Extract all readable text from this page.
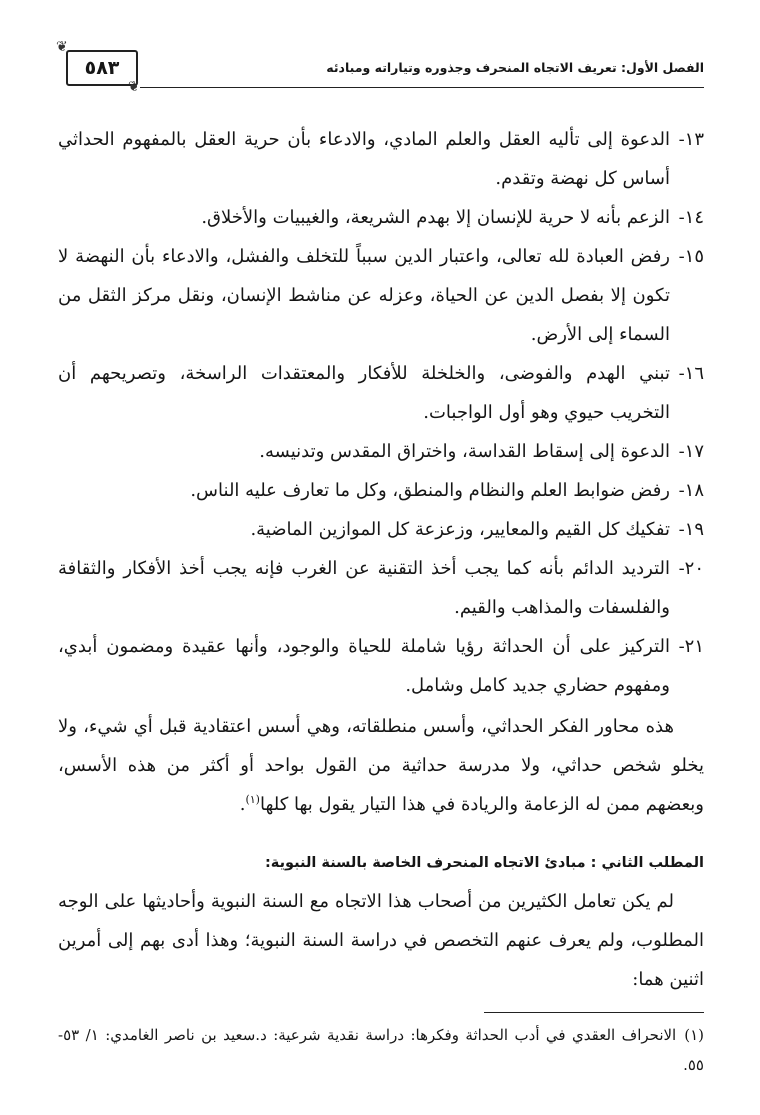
❦
٥٨٣
❦
الفصل الأول: تعريف الاتجاه المنحرف وجذوره وتياراته ومبادئه
١٣-
الدعوة إلى تأليه العقل والعلم المادي، والادعاء بأن حرية العقل بالمفهوم الحداثي أساس كل نهضة وتقدم.
١٤-
الزعم بأنه لا حرية للإنسان إلا بهدم الشريعة، والغيبيات والأخلاق.
١٥-
رفض العبادة لله تعالى، واعتبار الدين سبباً للتخلف والفشل، والادعاء بأن النهضة لا تكون إلا بفصل الدين عن الحياة، وعزله عن مناشط الإنسان، ونقل مركز الثقل من السماء إلى الأرض.
١٦-
تبني الهدم والفوضى، والخلخلة للأفكار والمعتقدات الراسخة، وتصريحهم أن التخريب حيوي وهو أول الواجبات.
١٧-
الدعوة إلى إسقاط القداسة، واختراق المقدس وتدنيسه.
١٨-
رفض ضوابط العلم والنظام والمنطق، وكل ما تعارف عليه الناس.
١٩-
تفكيك كل القيم والمعايير، وزعزعة كل الموازين الماضية.
٢٠-
الترديد الدائم بأنه كما يجب أخذ التقنية عن الغرب فإنه يجب أخذ الأفكار والثقافة والفلسفات والمذاهب والقيم.
٢١-
التركيز على أن الحداثة رؤيا شاملة للحياة والوجود، وأنها عقيدة ومضمون أبدي، ومفهوم حضاري جديد كامل وشامل.

هذه محاور الفكر الحداثي، وأسس منطلقاته، وهي أسس اعتقادية قبل أي شيء، ولا يخلو شخص حداثي، ولا مدرسة حداثية من القول بواحد أو أكثر من هذه الأسس، وبعضهم ممن له الزعامة والريادة في هذا التيار يقول بها كلها$^{(١)}$.

المطلب الثاني : مبادئ الاتجاه المنحرف الخاصة بالسنة النبوية:

لم يكن تعامل الكثيرين من أصحاب هذا الاتجاه مع السنة النبوية وأحاديثها على الوجه المطلوب، ولم يعرف عنهم التخصص في دراسة السنة النبوية؛ وهذا أدى بهم إلى أمرين اثنين هما:

(١)الانحراف العقدي في أدب الحداثة وفكرها: دراسة نقدية شرعية: د.سعيد بن ناصر الغامدي: ١/ ٥٣- ٥٥.
